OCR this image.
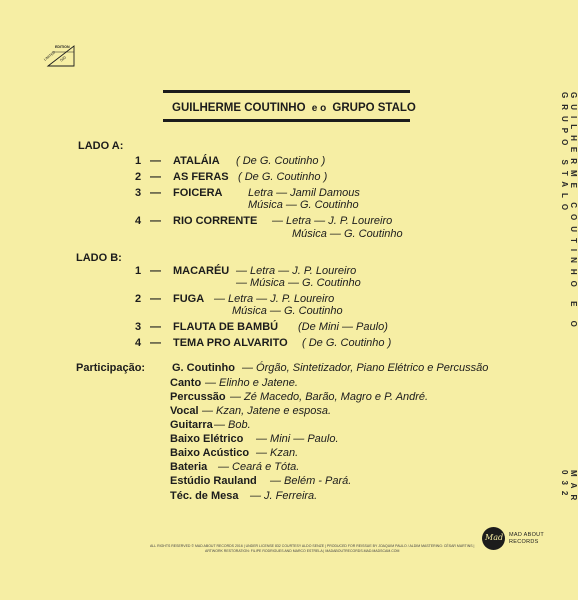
EDITION
LIMITED 500
GUILHERME COUTINHO e o GRUPO STALO
LADO A:
1 — ATALÁIA ( De G. Coutinho )
2 — AS FERAS ( De G. Coutinho )
3 — FOICERA Letra — Jamil Damous
Música — G. Coutinho
4 — RIO CORRENTE — Letra — J. P. Loureiro
Música — G. Coutinho
LADO B:
1 — MACARÉU — Letra — J. P. Loureiro
— Música — G. Coutinho
2 — FUGA — Letra — J. P. Loureiro
Música — G. Coutinho
3 — FLAUTA DE BAMBÚ (De Mini — Paulo)
4 — TEMA PRO ALVARITO ( De G. Coutinho )
Participação: G. Coutinho — Órgão, Sintetizador, Piano Elétrico e Percussão
Canto — Elinho e Jatene.
Percussão — Zé Macedo, Barão, Magro e P. André.
Vocal — Kzan, Jatene e esposa.
Guitarra — Bob.
Baixo Elétrico — Mini — Paulo.
Baixo Acústico — Kzan.
Bateria — Ceará e Tóta.
Estúdio Rauland — Belém - Pará.
Téc. de Mesa — J. Ferreira.
GUILHERME COUTINHO E O GRUPO STALO
MAR 032
ALL RIGHTS RESERVED © MAD ABOUT RECORDS 2016 | UNDER LICENSE 832 COURTESY ALDO SENZE | PRODUCED FOR REISSUE BY JOAQUIM PAULO / ALDIM MASTERING: CÉSAR MARTINS |
ARTWORK RESTORATION: FILIPE RODRIGUES AND MARCO ESTRELA | MADABOUTRECORDS.MAD.MADSCAM.COM
Mad MAD ABOUT
RECORDS
